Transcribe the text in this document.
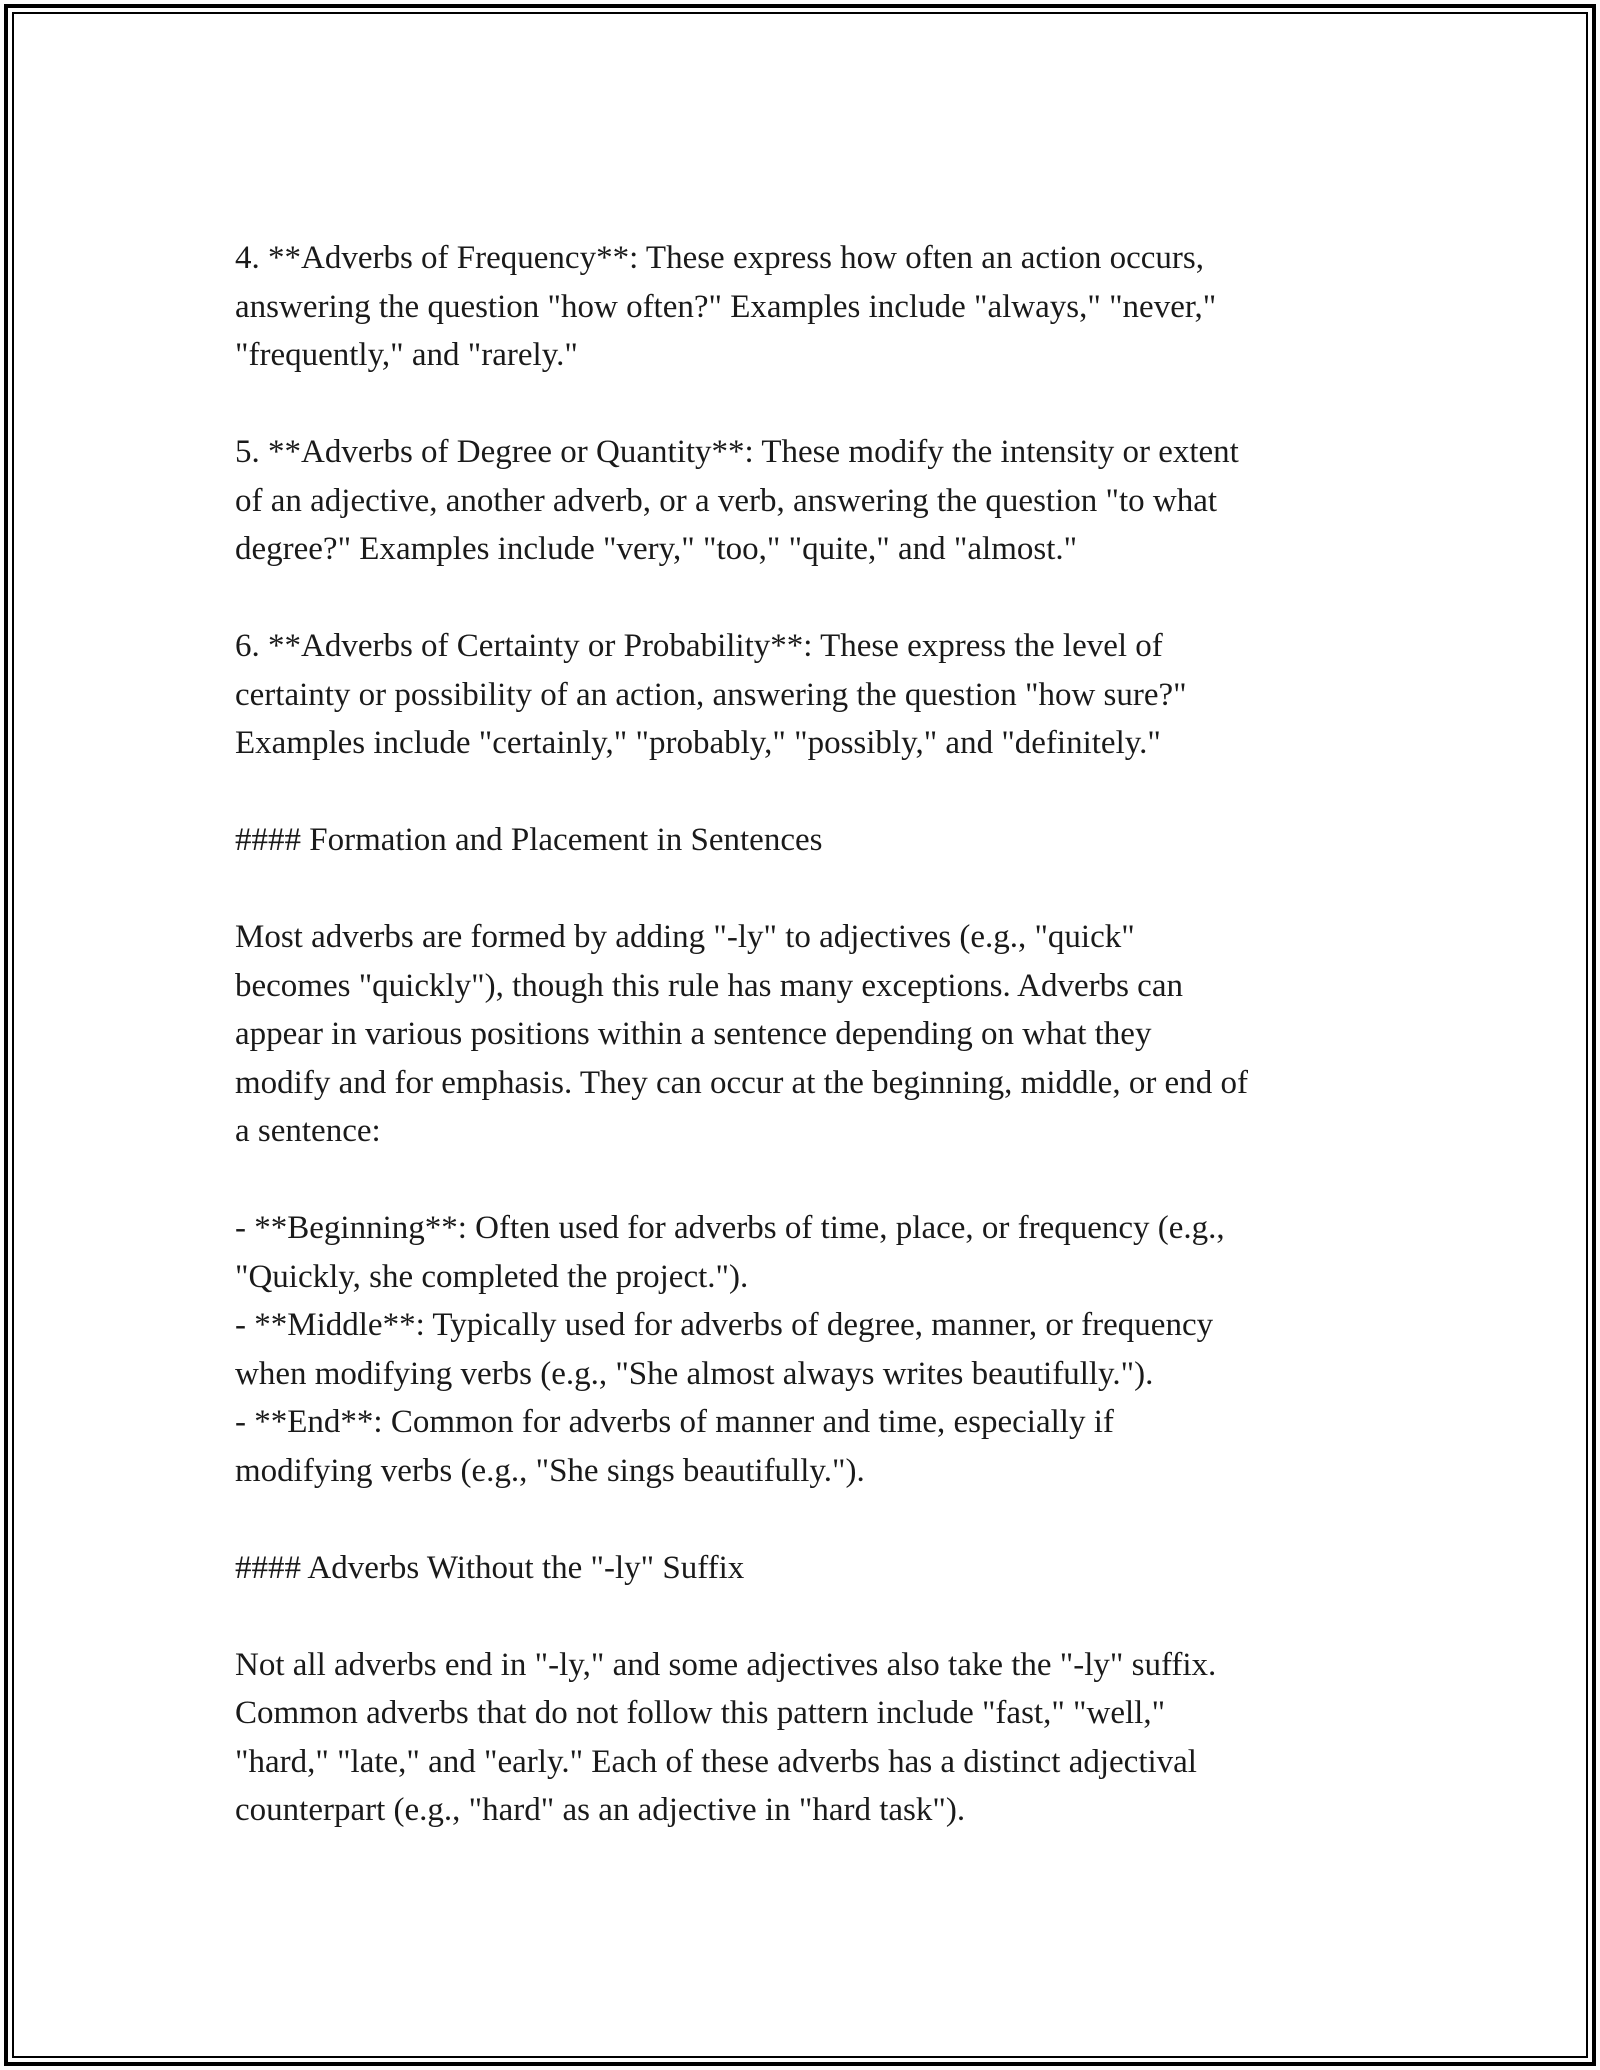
4. **Adverbs of Frequency**: These express how often an action occurs,
answering the question "how often?" Examples include "always," "never,"
"frequently," and "rarely."

5. **Adverbs of Degree or Quantity**: These modify the intensity or extent
of an adjective, another adverb, or a verb, answering the question "to what
degree?" Examples include "very," "too," "quite," and "almost."

6. **Adverbs of Certainty or Probability**: These express the level of
certainty or possibility of an action, answering the question "how sure?"
Examples include "certainly," "probably," "possibly," and "definitely."

#### Formation and Placement in Sentences

Most adverbs are formed by adding "-ly" to adjectives (e.g., "quick"
becomes "quickly"), though this rule has many exceptions. Adverbs can
appear in various positions within a sentence depending on what they
modify and for emphasis. They can occur at the beginning, middle, or end of
a sentence:

- **Beginning**: Often used for adverbs of time, place, or frequency (e.g.,
"Quickly, she completed the project.").
- **Middle**: Typically used for adverbs of degree, manner, or frequency
when modifying verbs (e.g., "She almost always writes beautifully.").
- **End**: Common for adverbs of manner and time, especially if
modifying verbs (e.g., "She sings beautifully.").

#### Adverbs Without the "-ly" Suffix

Not all adverbs end in "-ly," and some adjectives also take the "-ly" suffix.
Common adverbs that do not follow this pattern include "fast," "well,"
"hard," "late," and "early." Each of these adverbs has a distinct adjectival
counterpart (e.g., "hard" as an adjective in "hard task").
